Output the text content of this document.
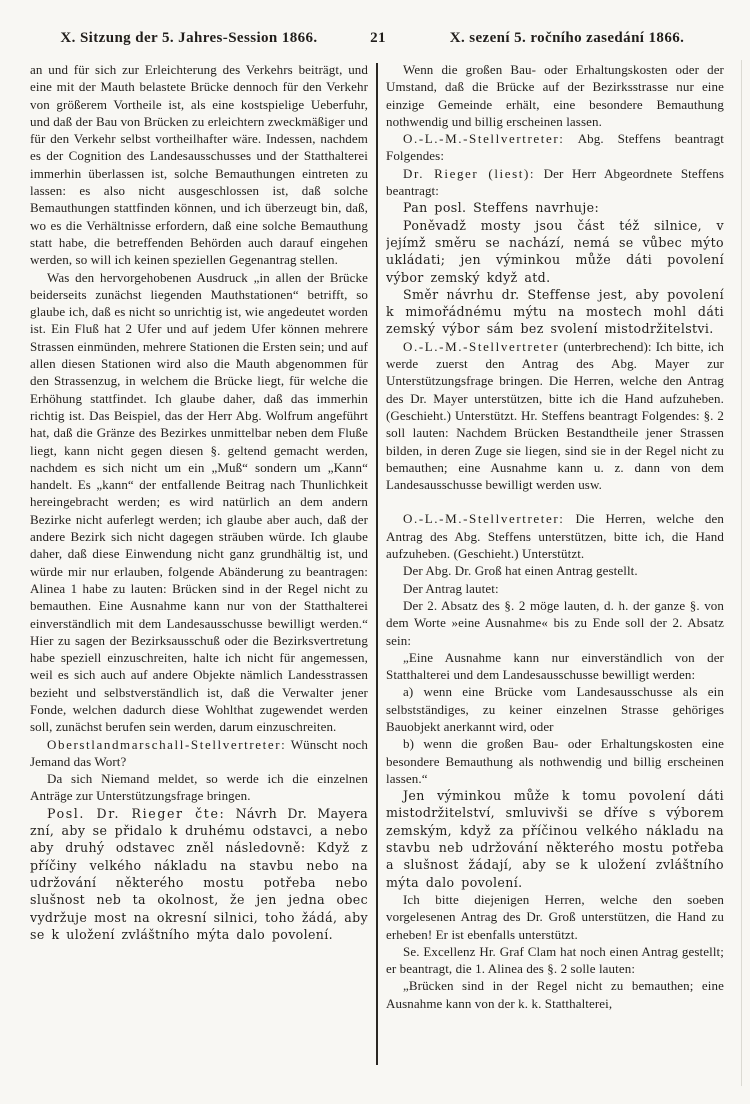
X. Sitzung der 5. Jahres-Session 1866.	21	X. sezení 5. ročního zasedání 1866.

an und für sich zur Erleichterung des Verkehrs beiträgt, und eine mit der Mauth belastete Brücke dennoch für den Verkehr von größerem Vortheile ist, als eine kostspielige Ueberfuhr, und daß der Bau von Brücken zu erleichtern zweckmäßiger und für den Verkehr selbst vortheilhafter wäre. Indessen, nachdem es der Cognition des Landesausschusses und der Statthalterei immerhin überlassen ist, solche Bemauthungen eintreten zu lassen: es also nicht ausgeschlossen ist, daß solche Bemauthungen stattfinden können, und ich überzeugt bin, daß, wo es die Verhältnisse erfordern, daß eine solche Bemauthung statt habe, die betreffenden Behörden auch darauf eingehen werden, so will ich keinen speziellen Gegenantrag stellen.

Was den hervorgehobenen Ausdruck „in allen der Brücke beiderseits zunächst liegenden Mauthstationen“ betrifft, so glaube ich, daß es nicht so unrichtig ist, wie angedeutet worden ist. Ein Fluß hat 2 Ufer und auf jedem Ufer können mehrere Strassen einmünden, mehrere Stationen die Ersten sein; und auf allen diesen Stationen wird also die Mauth abgenommen für den Strassenzug, in welchem die Brücke liegt, für welche die Erhöhung stattfindet. Ich glaube daher, daß das immerhin richtig ist. Das Beispiel, das der Herr Abg. Wolfrum angeführt hat, daß die Gränze des Bezirkes unmittelbar neben dem Fluße liegt, kann nicht gegen diesen §. geltend gemacht werden, nachdem es sich nicht um ein „Muß“ sondern um „Kann“ handelt. Es „kann“ der entfallende Beitrag nach Thunlichkeit hereingebracht werden; es wird natürlich an dem andern Bezirke nicht auferlegt werden; ich glaube aber auch, daß der andere Bezirk sich nicht dagegen sträuben würde. Ich glaube daher, daß diese Einwendung nicht ganz grundhältig ist, und würde mir nur erlauben, folgende Abänderung zu beantragen: Alinea 1 habe zu lauten: Brücken sind in der Regel nicht zu bemauthen. Eine Ausnahme kann nur von der Statthalterei einverständlich mit dem Landesausschusse bewilligt werden.“ Hier zu sagen der Bezirksausschuß oder die Bezirksvertretung habe speziell einzuschreiten, halte ich nicht für angemessen, weil es sich auch auf andere Objekte nämlich Landesstrassen bezieht und selbstverständlich ist, daß die Verwalter jener Fonde, welchen dadurch diese Wohlthat zugewendet werden soll, zunächst berufen sein werden, darum einzuschreiten.

Oberstlandmarschall-Stellvertreter: Wünscht noch Jemand das Wort?

Da sich Niemand meldet, so werde ich die einzelnen Anträge zur Unterstützungsfrage bringen.

Posl. Dr. Rieger čte: Návrh Dr. Mayera zní, aby se přidalo k druhému odstavci, a nebo aby druhý odstavec zněl následovně: Když z příčiny velkého nákladu na stavbu nebo na udržování některého mostu potřeba nebo slušnost neb ta okolnost, že jen jedna obec vydržuje most na okresní silnici, toho žádá, aby se k uložení zvláštního mýta dalo povolení.

Wenn die großen Bau- oder Erhaltungskosten oder der Umstand, daß die Brücke auf der Bezirksstrasse nur eine einzige Gemeinde erhält, eine besondere Bemauthung nothwendig und billig erscheinen lassen.

O.-L.-M.-Stellvertreter: Abg. Steffens beantragt Folgendes:

Dr. Rieger (liest): Der Herr Abgeordnete Steffens beantragt:

Pan posl. Steffens navrhuje:

Poněvadž mosty jsou část též silnice, v jejímž směru se nachází, nemá se vůbec mýto ukládati; jen výminkou může dáti povolení výbor zemský když atd.

Směr návrhu dr. Steffense jest, aby povolení k mimořádnému mýtu na mostech mohl dáti zemský výbor sám bez svolení mistodržitelstvi.

O.-L.-M.-Stellvertreter (unterbrechend): Ich bitte, ich werde zuerst den Antrag des Abg. Mayer zur Unterstützungsfrage bringen. Die Herren, welche den Antrag des Dr. Mayer unterstützen, bitte ich die Hand aufzuheben. (Geschieht.) Unterstützt. Hr. Steffens beantragt Folgendes: §. 2 soll lauten: Nachdem Brücken Bestandtheile jener Strassen bilden, in deren Zuge sie liegen, sind sie in der Regel nicht zu bemauthen; eine Ausnahme kann u. z. dann von dem Landesausschusse bewilligt werden usw.

O.-L.-M.-Stellvertreter: Die Herren, welche den Antrag des Abg. Steffens unterstützen, bitte ich, die Hand aufzuheben. (Geschieht.) Unterstützt.

Der Abg. Dr. Groß hat einen Antrag gestellt.

Der Antrag lautet:

Der 2. Absatz des §. 2 möge lauten, d. h. der ganze §. von dem Worte »eine Ausnahme« bis zu Ende soll der 2. Absatz sein:

„Eine Ausnahme kann nur einverständlich von der Statthalterei und dem Landesausschusse bewilligt werden:

a) wenn eine Brücke vom Landesausschusse als ein selbstständiges, zu keiner einzelnen Strasse gehöriges Bauobjekt anerkannt wird, oder

b) wenn die großen Bau- oder Erhaltungskosten eine besondere Bemauthung als nothwendig und billig erscheinen lassen.“

Jen výminkou může k tomu povolení dáti mistodržitelství, smluvivši se dříve s výborem zemským, když za příčinou velkého nákladu na stavbu neb udržování některého mostu potřeba a slušnost žádají, aby se k uložení zvláštního mýta dalo povolení.

Ich bitte diejenigen Herren, welche den soeben vorgelesenen Antrag des Dr. Groß unterstützen, die Hand zu erheben! Er ist ebenfalls unterstützt.

Se. Excellenz Hr. Graf Clam hat noch einen Antrag gestellt; er beantragt, die 1. Alinea des §. 2 solle lauten:

„Brücken sind in der Regel nicht zu bemauthen; eine Ausnahme kann von der k. k. Statthalterei,
